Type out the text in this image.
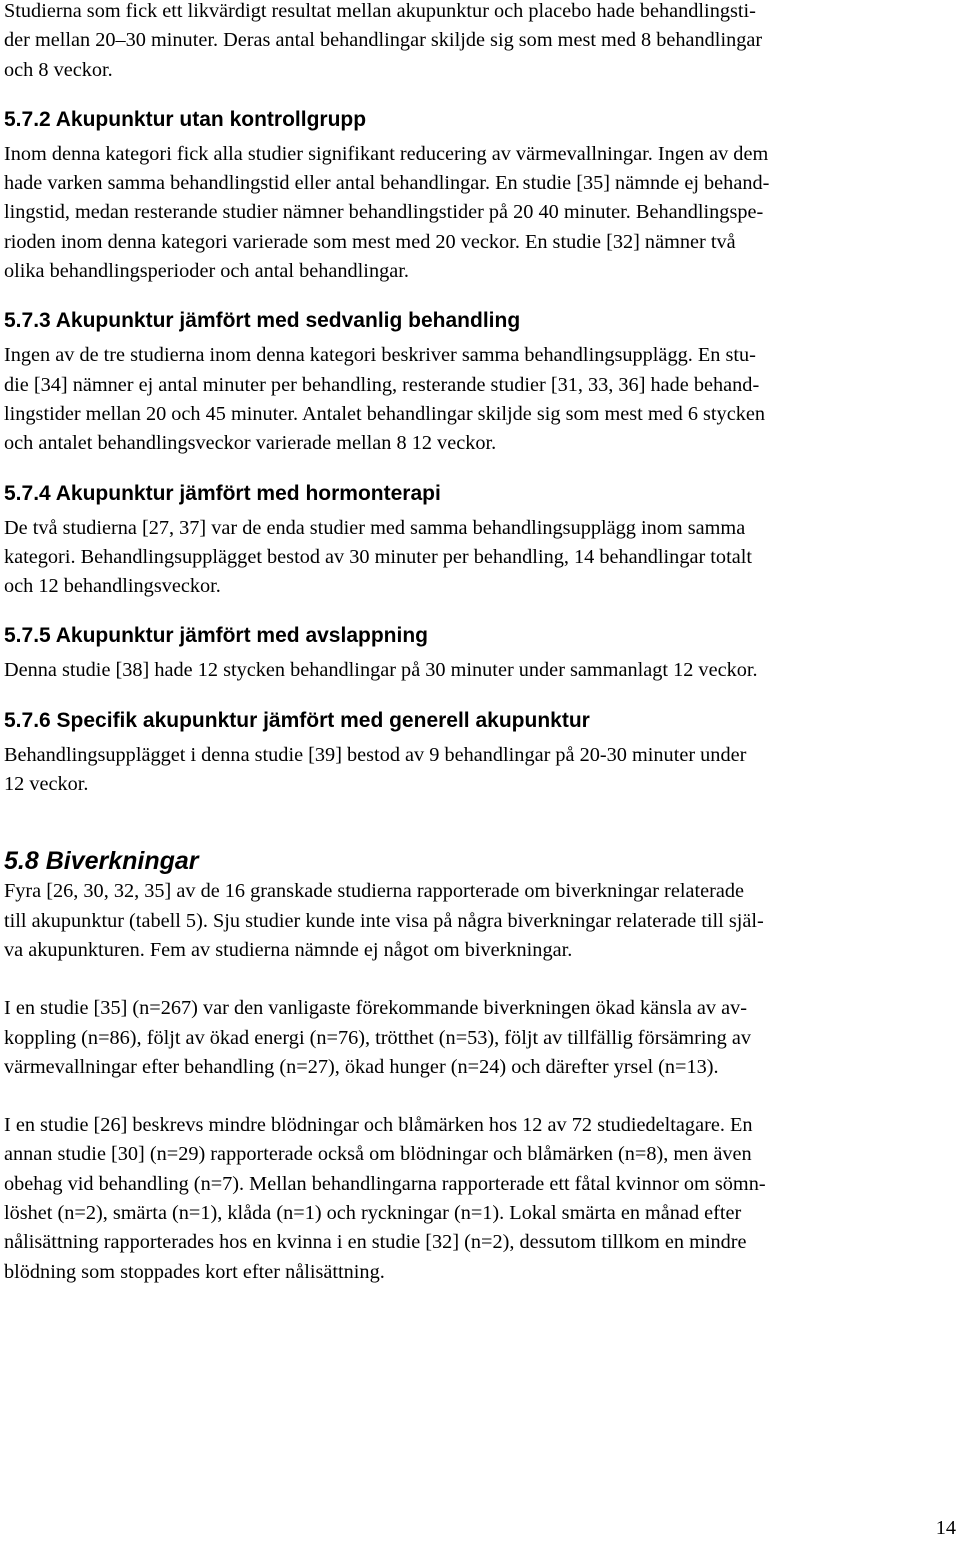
Studierna som fick ett likvärdigt resultat mellan akupunktur och placebo hade behandlingsti-
der mellan 20–30 minuter. Deras antal behandlingar skiljde sig som mest med 8 behandlingar
och 8 veckor.

5.7.2 Akupunktur utan kontrollgrupp

Inom denna kategori fick alla studier signifikant reducering av värmevallningar. Ingen av dem
hade varken samma behandlingstid eller antal behandlingar. En studie [35] nämnde ej behand-
lingstid, medan resterande studier nämner behandlingstider på 20 40 minuter. Behandlingspe-
rioden inom denna kategori varierade som mest med 20 veckor. En studie [32] nämner två
olika behandlingsperioder och antal behandlingar.

5.7.3 Akupunktur jämfört med sedvanlig behandling

Ingen av de tre studierna inom denna kategori beskriver samma behandlingsupplägg. En stu-
die [34] nämner ej antal minuter per behandling, resterande studier [31, 33, 36] hade behand-
lingstider mellan 20 och 45 minuter. Antalet behandlingar skiljde sig som mest med 6 stycken
och antalet behandlingsveckor varierade mellan 8 12 veckor.

5.7.4 Akupunktur jämfört med hormonterapi

De två studierna [27, 37] var de enda studier med samma behandlingsupplägg inom samma
kategori. Behandlingsupplägget bestod av 30 minuter per behandling, 14 behandlingar totalt
och 12 behandlingsveckor.

5.7.5 Akupunktur jämfört med avslappning

Denna studie [38] hade 12 stycken behandlingar på 30 minuter under sammanlagt 12 veckor.

5.7.6 Specifik akupunktur jämfört med generell akupunktur

Behandlingsupplägget i denna studie [39] bestod av 9 behandlingar på 20-30 minuter under
12 veckor.

5.8 Biverkningar

Fyra [26, 30, 32, 35] av de 16 granskade studierna rapporterade om biverkningar relaterade
till akupunktur (tabell 5). Sju studier kunde inte visa på några biverkningar relaterade till själ-
va akupunkturen. Fem av studierna nämnde ej något om biverkningar.

I en studie [35] (n=267) var den vanligaste förekommande biverkningen ökad känsla av av-
koppling (n=86), följt av ökad energi (n=76), trötthet (n=53), följt av tillfällig försämring av
värmevallningar efter behandling (n=27), ökad hunger (n=24) och därefter yrsel (n=13).

I en studie [26] beskrevs mindre blödningar och blåmärken hos 12 av 72 studiedeltagare. En
annan studie [30] (n=29) rapporterade också om blödningar och blåmärken (n=8), men även
obehag vid behandling (n=7). Mellan behandlingarna rapporterade ett fåtal kvinnor om sömn-
löshet (n=2), smärta (n=1), klåda (n=1) och ryckningar (n=1). Lokal smärta en månad efter
nålisättning rapporterades hos en kvinna i en studie [32] (n=2), dessutom tillkom en mindre
blödning som stoppades kort efter nålisättning.

14
